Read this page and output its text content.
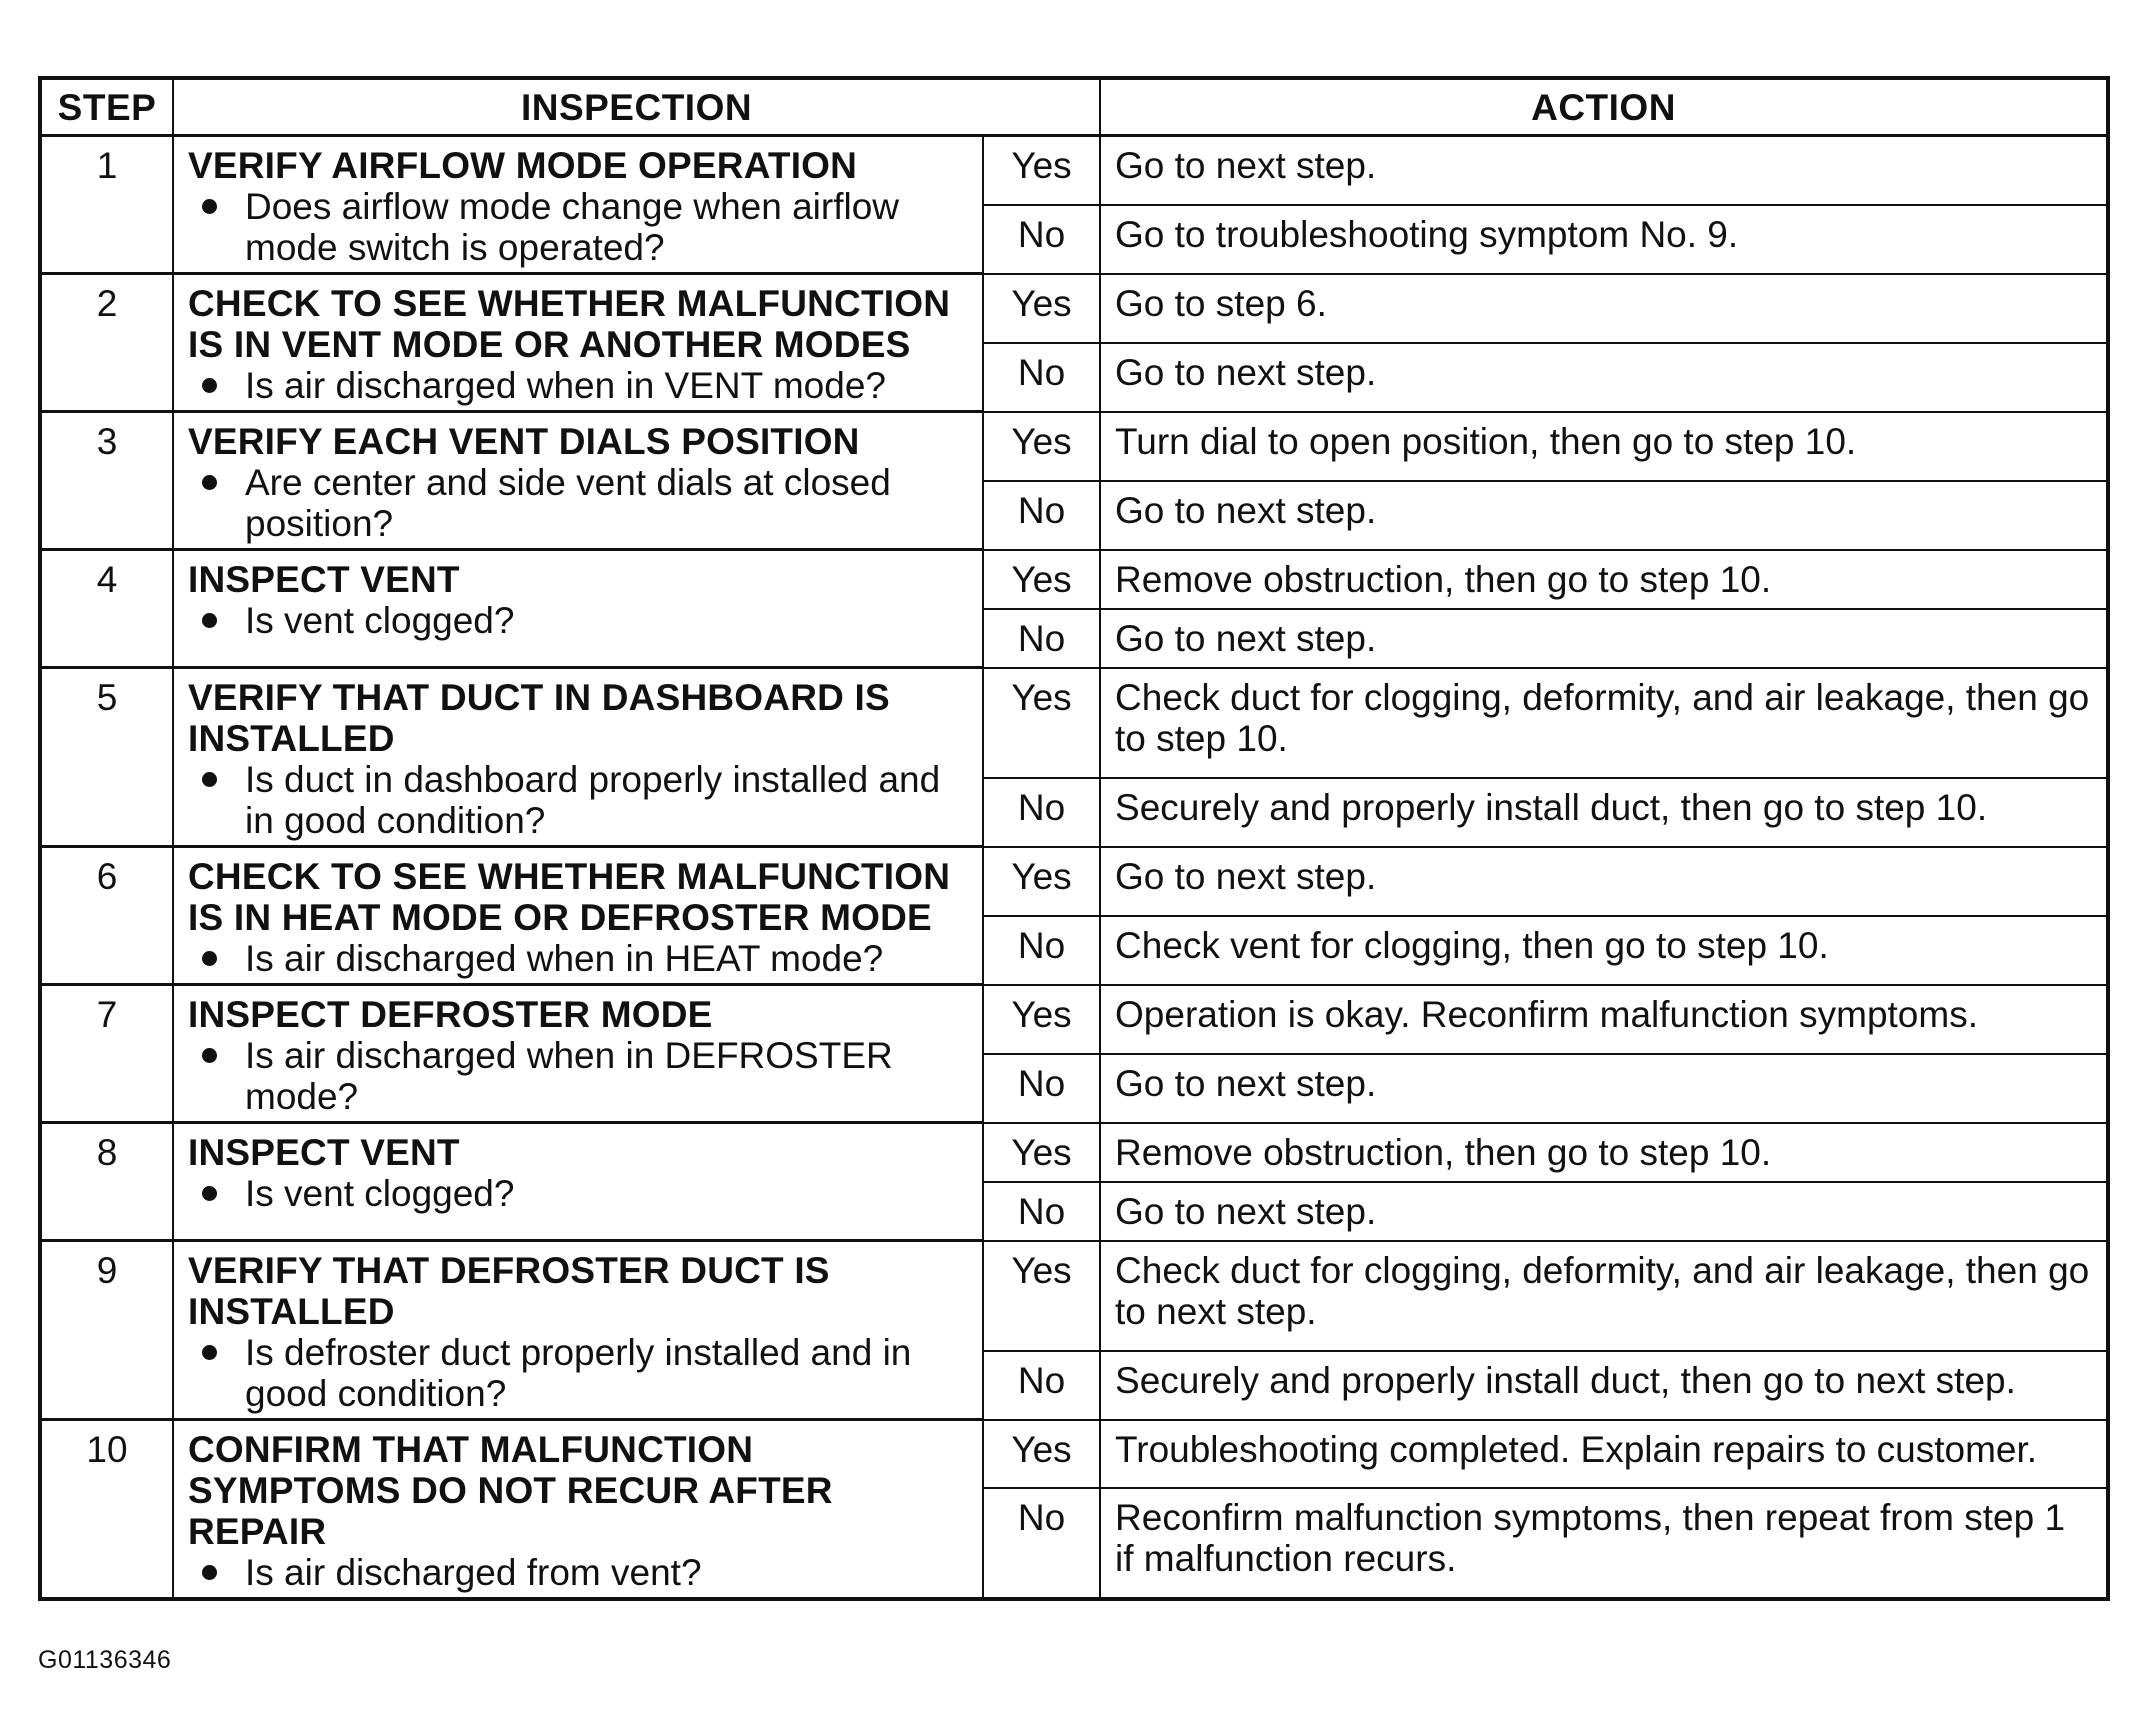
STEP	INSPECTION		ACTION
1	VERIFY AIRFLOW MODE OPERATION
Does airflow mode change when airflow mode switch is operated?	Yes	Go to next step.
		No	Go to troubleshooting symptom No. 9.
2	CHECK TO SEE WHETHER MALFUNCTION IS IN VENT MODE OR ANOTHER MODES
Is air discharged when in VENT mode?	Yes	Go to step 6.
		No	Go to next step.
3	VERIFY EACH VENT DIALS POSITION
Are center and side vent dials at closed position?	Yes	Turn dial to open position, then go to step 10.
		No	Go to next step.
4	INSPECT VENT
Is vent clogged?	Yes	Remove obstruction, then go to step 10.
		No	Go to next step.
5	VERIFY THAT DUCT IN DASHBOARD IS INSTALLED
Is duct in dashboard properly installed and in good condition?	Yes	Check duct for clogging, deformity, and air leakage, then go to step 10.
		No	Securely and properly install duct, then go to step 10.
6	CHECK TO SEE WHETHER MALFUNCTION IS IN HEAT MODE OR DEFROSTER MODE
Is air discharged when in HEAT mode?	Yes	Go to next step.
		No	Check vent for clogging, then go to step 10.
7	INSPECT DEFROSTER MODE
Is air discharged when in DEFROSTER mode?	Yes	Operation is okay. Reconfirm malfunction symptoms.
		No	Go to next step.
8	INSPECT VENT
Is vent clogged?	Yes	Remove obstruction, then go to step 10.
		No	Go to next step.
9	VERIFY THAT DEFROSTER DUCT IS INSTALLED
Is defroster duct properly installed and in good condition?	Yes	Check duct for clogging, deformity, and air leakage, then go to next step.
		No	Securely and properly install duct, then go to next step.
10	CONFIRM THAT MALFUNCTION SYMPTOMS DO NOT RECUR AFTER REPAIR
Is air discharged from vent?	Yes	Troubleshooting completed. Explain repairs to customer.
		No	Reconfirm malfunction symptoms, then repeat from step 1 if malfunction recurs.
G01136346
